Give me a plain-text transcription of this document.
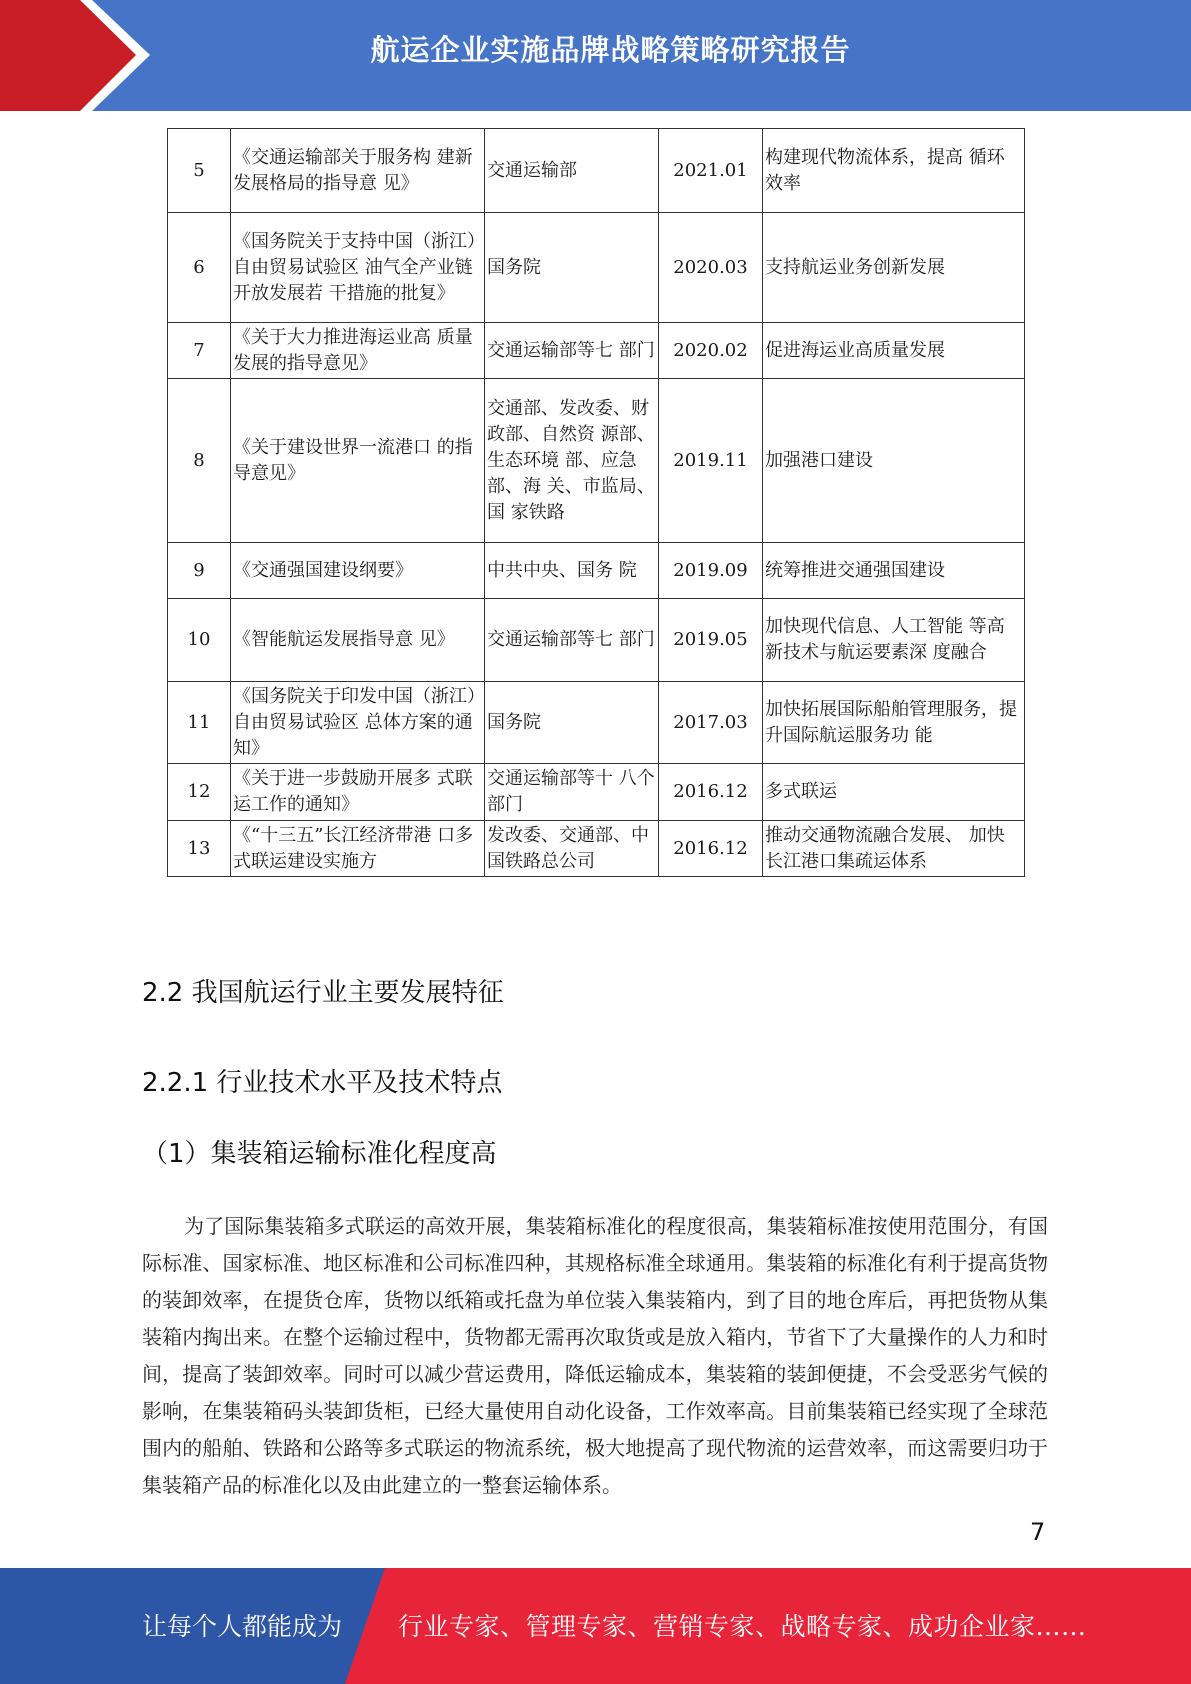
航运企业实施品牌战略策略研究报告
5	《交通运输部关于服务构 建新发展格局的指导意 见》	交通运输部	2021.01	构建现代物流体系，提高 循环效率
6	《国务院关于支持中国（浙江）自由贸易试验区 油气全产业链开放发展若 干措施的批复》	国务院	2020.03	支持航运业务创新发展
7	《关于大力推进海运业高 质量发展的指导意见》	交通运输部等七 部门	2020.02	促进海运业高质量发展
8	《关于建设世界一流港口 的指导意见》	交通部、发改委、财政部、自然资 源部、生态环境 部、应急部、海 关、市监局、国 家铁路	2019.11	加强港口建设
9	《交通强国建设纲要》	中共中央、国务 院	2019.09	统筹推进交通强国建设
10	《智能航运发展指导意 见》	交通运输部等七 部门	2019.05	加快现代信息、人工智能 等高新技术与航运要素深 度融合
11	《国务院关于印发中国（浙江）自由贸易试验区 总体方案的通知》	国务院	2017.03	加快拓展国际船舶管理服务，提升国际航运服务功 能
12	《关于进一步鼓励开展多 式联运工作的通知》	交通运输部等十 八个部门	2016.12	多式联运
13	《“十三五”长江经济带港 口多式联运建设实施方	发改委、交通部、中国铁路总公司	2016.12	推动交通物流融合发展、 加快长江港口集疏运体系
2.2 我国航运行业主要发展特征
2.2.1 行业技术水平及技术特点
（1）集装箱运输标准化程度高
为了国际集装箱多式联运的高效开展，集装箱标准化的程度很高，集装箱标准按使用范围分，有国际标准、国家标准、地区标准和公司标准四种，其规格标准全球通用。集装箱的标准化有利于提高货物的装卸效率，在提货仓库，货物以纸箱或托盘为单位装入集装箱内，到了目的地仓库后，再把货物从集装箱内掏出来。在整个运输过程中，货物都无需再次取货或是放入箱内，节省下了大量操作的人力和时间，提高了装卸效率。同时可以减少营运费用，降低运输成本，集装箱的装卸便捷，不会受恶劣气候的影响，在集装箱码头装卸货柜，已经大量使用自动化设备，工作效率高。目前集装箱已经实现了全球范围内的船舶、铁路和公路等多式联运的物流系统，极大地提高了现代物流的运营效率，而这需要归功于集装箱产品的标准化以及由此建立的一整套运输体系。
7
让每个人都能成为 行业专家、管理专家、营销专家、战略专家、成功企业家……
